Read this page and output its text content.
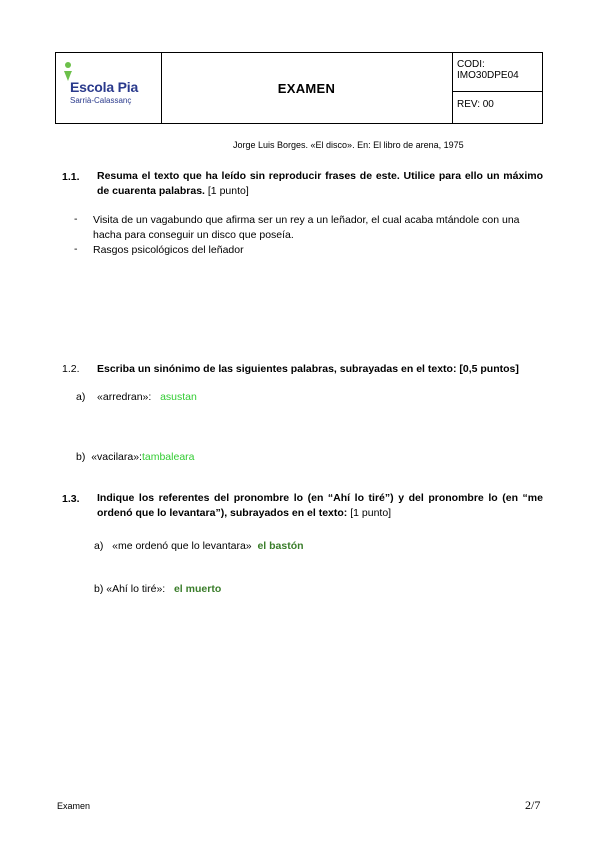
Escola Pia
Sarrià-Calassanç
EXAMEN
CODI:
IMO30DPE04
REV: 00
Jorge Luis Borges. «El disco». En: El libro de arena, 1975
1.1. Resuma el texto que ha leído sin reproducir frases de este. Utilice para ello un máximo de cuarenta palabras. [1 punto]
- Visita de un vagabundo que afirma ser un rey a un leñador, el cual acaba mtándole con una hacha para conseguir un disco que poseía.
- Rasgos psicológicos del leñador
1.2. Escriba un sinónimo de las siguientes palabras, subrayadas en el texto: [0,5 puntos]
a) «arredran»: asustan
b) «vacilara»:tambaleara
1.3. Indique los referentes del pronombre lo (en “Ahí lo tiré”) y del pronombre lo (en “me ordenó que lo levantara”), subrayados en el texto: [1 punto]
a) «me ordenó que lo levantara» el bastón
b) «Ahí lo tiré»: el muerto
Examen	2/7
